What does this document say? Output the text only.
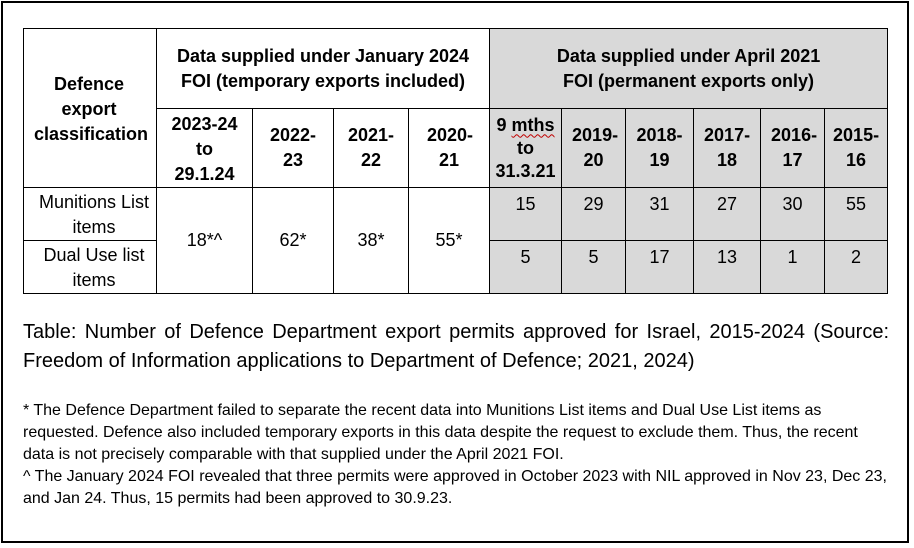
Defence export classification	Data supplied under January 2024 FOI (temporary exports included)				Data supplied under April 2021 FOI (permanent exports only)					

	2023-24 to 29.1.24	2022-23	2021-22	2020-21	9 mths to 31.3.21	2019-20	2018-19	2017-18	2016-17	2015-16

Munitions List items	18*^	62*	38*	55*	15	29	31	27	30	55
Dual Use list items					5	5	17	13	1	2
Table: Number of Defence Department export permits approved for Israel, 2015-2024 (Source: Freedom of Information applications to Department of Defence; 2021, 2024)

* The Defence Department failed to separate the recent data into Munitions List items and Dual Use List items as requested. Defence also included temporary exports in this data despite the request to exclude them. Thus, the recent data is not precisely comparable with that supplied under the April 2021 FOI.

^ The January 2024 FOI revealed that three permits were approved in October 2023 with NIL approved in Nov 23, Dec 23, and Jan 24. Thus, 15 permits had been approved to 30.9.23.
